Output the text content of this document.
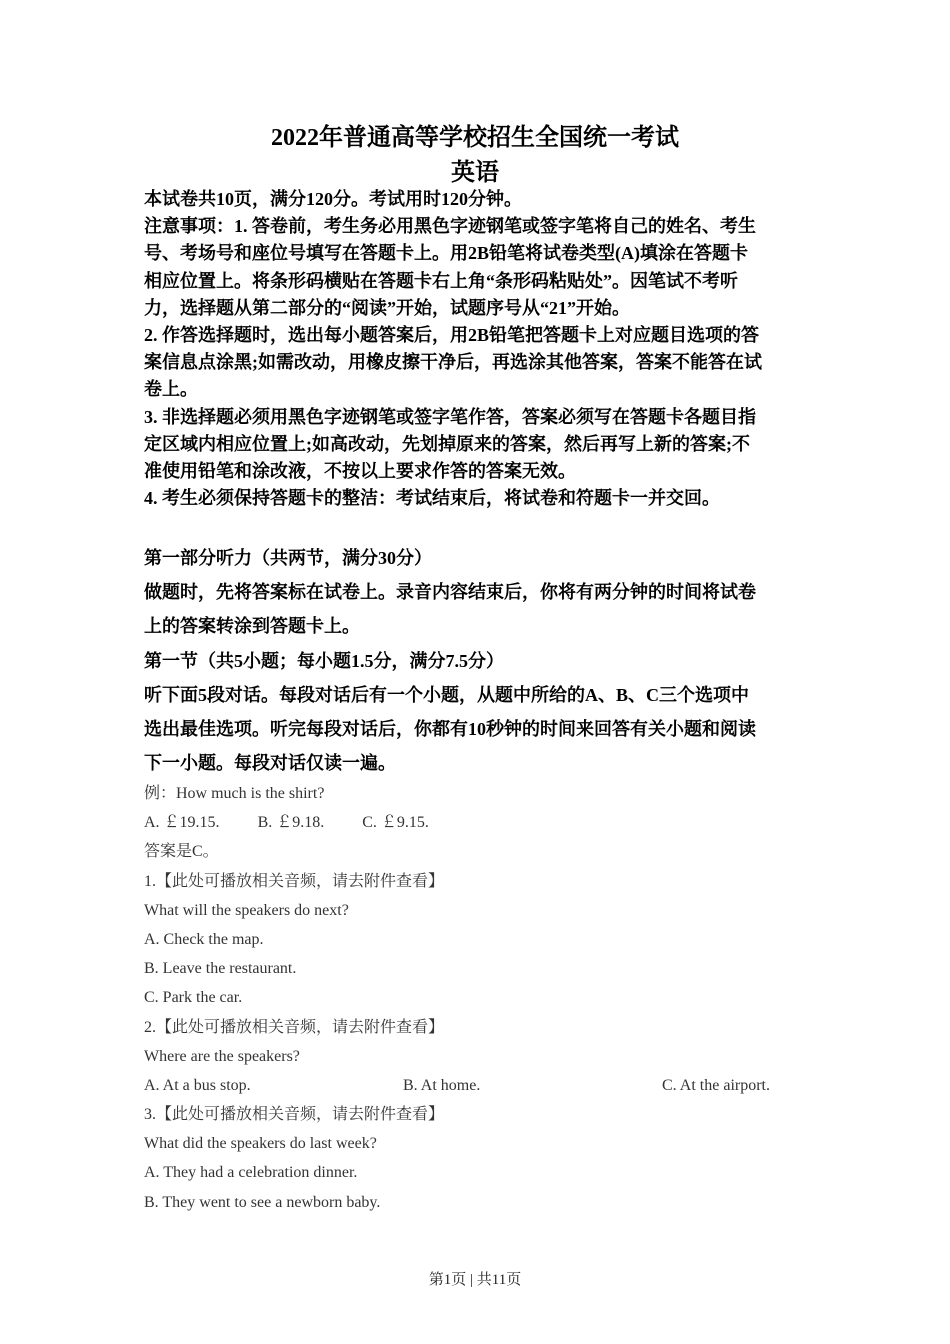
2022年普通高等学校招生全国统一考试
英语
本试卷共10页，满分120分。考试用时120分钟。
注意事项：1. 答卷前，考生务必用黑色字迹钢笔或签字笔将自己的姓名、考生
号、考场号和座位号填写在答题卡上。用2B铅笔将试卷类型(A)填涂在答题卡
相应位置上。将条形码横贴在答题卡右上角“条形码粘贴处”。因笔试不考听
力，选择题从第二部分的“阅读”开始，试题序号从“21”开始。
2. 作答选择题时，选出每小题答案后，用2B铅笔把答题卡上对应题目选项的答
案信息点涂黑;如需改动，用橡皮擦干净后，再选涂其他答案，答案不能答在试
卷上。
3. 非选择题必须用黑色字迹钢笔或签字笔作答，答案必须写在答题卡各题目指
定区域内相应位置上;如高改动，先划掉原来的答案，然后再写上新的答案;不
准使用铅笔和涂改液，不按以上要求作答的答案无效。
4. 考生必须保持答题卡的整洁：考试结束后，将试卷和符题卡一并交回。
第一部分听力（共两节，满分30分）
做题时，先将答案标在试卷上。录音内容结束后，你将有两分钟的时间将试卷
上的答案转涂到答题卡上。
第一节（共5小题；每小题1.5分，满分7.5分）
听下面5段对话。每段对话后有一个小题，从题中所给的A、B、C三个选项中
选出最佳选项。听完每段对话后，你都有10秒钟的时间来回答有关小题和阅读
下一小题。每段对话仅读一遍。
例：How much is the shirt?
A. ￡19.15. B. ￡9.18. C. ￡9.15.
答案是C。
1.【此处可播放相关音频，请去附件查看】
What will the speakers do next?
A. Check the map.
B. Leave the restaurant.
C. Park the car.
2.【此处可播放相关音频，请去附件查看】
Where are the speakers?
A. At a bus stop.	B. At home.	C. At the airport.
3.【此处可播放相关音频，请去附件查看】
What did the speakers do last week?
A. They had a celebration dinner.
B. They went to see a newborn baby.
第1页 | 共11页
